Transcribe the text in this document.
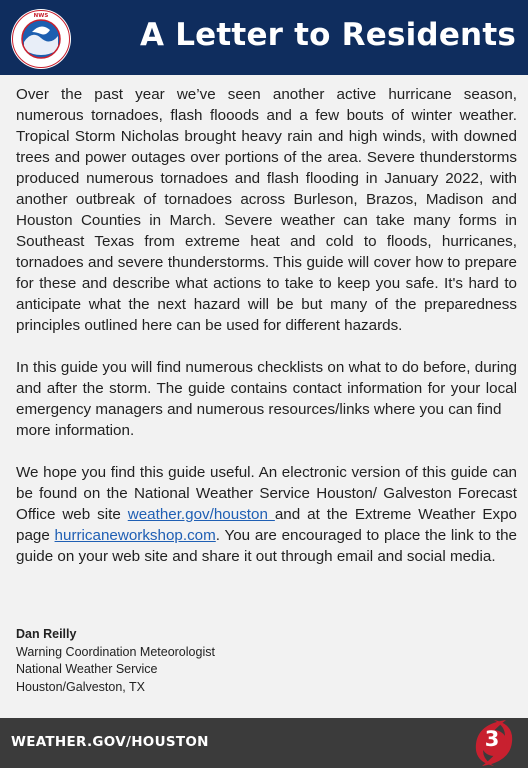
NWS
A Letter to Residents

Over the past year we’ve seen another active hurricane season, numerous tornadoes, flash flooods and a few bouts of winter weather. Tropical Storm Nicholas brought heavy rain and high winds, with downed trees and power outages over portions of the area. Severe thunderstorms produced numerous tornadoes and flash flooding in January 2022, with another outbreak of tornadoes across Burleson, Brazos, Madison and Houston Counties in March. Severe weather can take many forms in Southeast Texas from extreme heat and cold to floods, hurricanes, tornadoes and severe thunderstorms. This guide will cover how to prepare for these and describe what actions to take to keep you safe. It's hard to anticipate what the next hazard will be but many of the preparedness principles outlined here can be used for different hazards.

In this guide you will find numerous checklists on what to do before, during and after the storm. The guide contains contact information for your local emergency managers and numerous resources/links where you can find
more information.

We hope you find this guide useful. An electronic version of this guide can be found on the National Weather Service Houston/ Galveston Forecast Office web site weather.gov/houston and at the Extreme Weather Expo page hurricaneworkshop.com. You are encouraged to place the link to the guide on your web site and share it out through email and social media.

Dan Reilly
Warning Coordination Meteorologist
National Weather Service
Houston/Galveston, TX
WEATHER.GOV/HOUSTON	3
